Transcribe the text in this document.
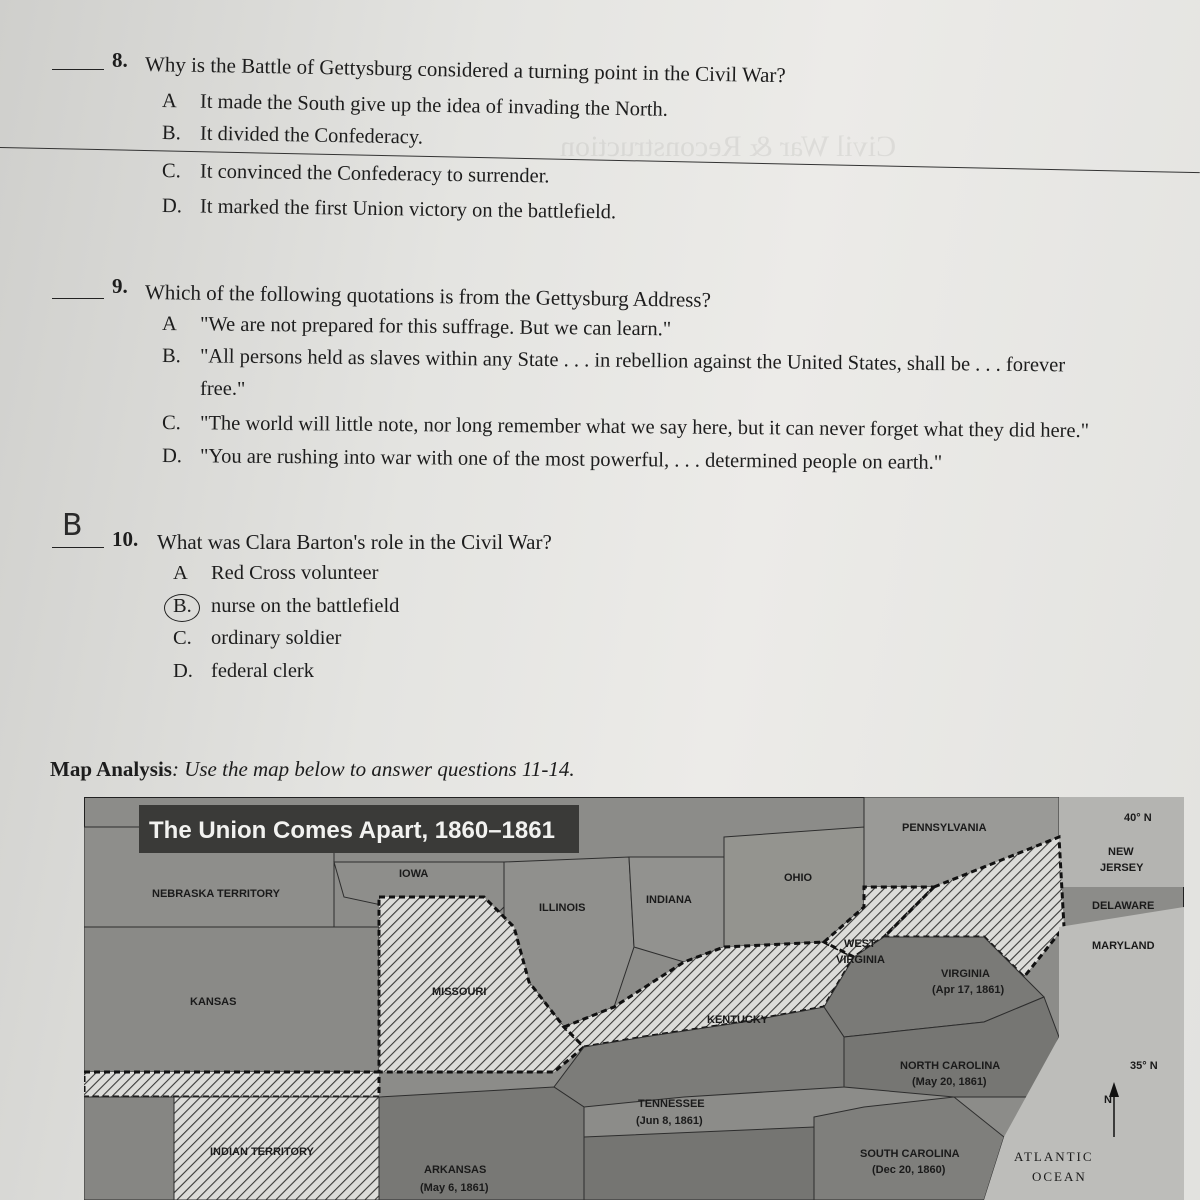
Civil War & Reconstruction
8. Why is the Battle of Gettysburg considered a turning point in the Civil War?
A	It made the South give up the idea of invading the North.
B. It divided the Confederacy.
C. It convinced the Confederacy to surrender.
D. It marked the first Union victory on the battlefield.
9. Which of the following quotations is from the Gettysburg Address?
A	"We are not prepared for this suffrage. But we can learn."
B. "All persons held as slaves within any State . . . in rebellion against the United States, shall be . . . forever
free."
C. "The world will little note, nor long remember what we say here, but it can never forget what they did here."
D. "You are rushing into war with one of the most powerful, . . . determined people on earth."
B 10. What was Clara Barton's role in the Civil War?
A	Red Cross volunteer
B. nurse on the battlefield
C. ordinary soldier
D. federal clerk
Map Analysis: Use the map below to answer questions 11-14.
The Union Comes Apart, 1860–1861	PENNSYLVANIA
40° N
NEW
JERSEY
DELAWARE
MARYLAND
IOWA	OHIO
INDIANA
ILLINOIS
NEBRASKA TERRITORY
WEST
VIRGINIA
VIRGINIA
(Apr 17, 1861)
KANSAS
MISSOURI
KENTUCKY
NORTH CAROLINA
(May 20, 1861)
35° N
TENNESSEE
(Jun 8, 1861)
INDIAN TERRITORY	SOUTH CAROLINA
(Dec 20, 1860)
ATLANTIC
OCEAN
ARKANSAS
(May 6, 1861)
N
